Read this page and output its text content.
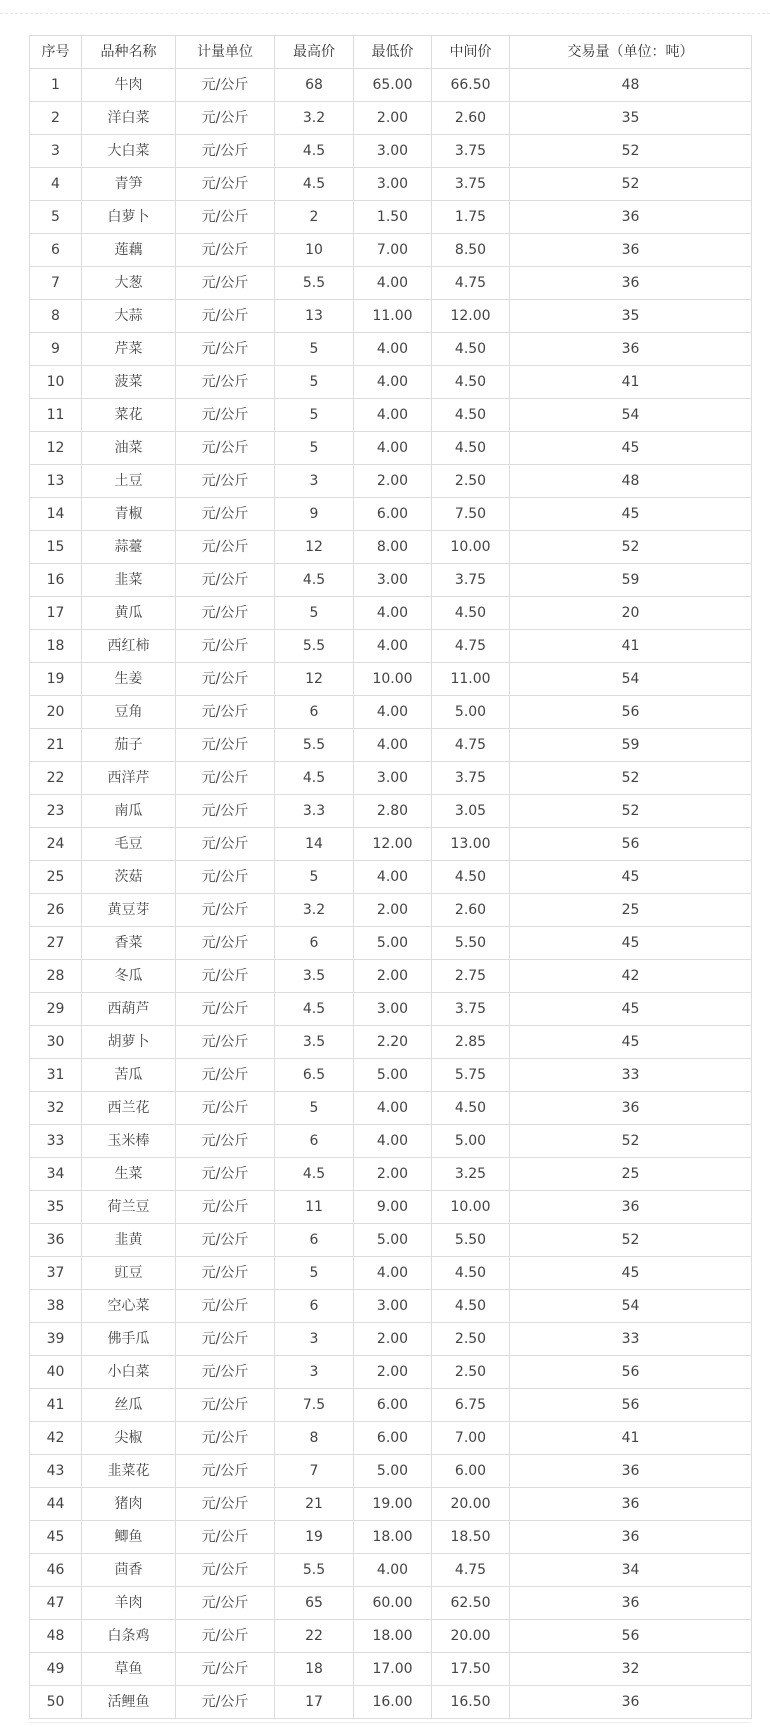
序号	品种名称	计量单位	最高价	最低价	中间价	交易量（单位：吨）
1	牛肉	元/公斤	68	65.00	66.50	48
2	洋白菜	元/公斤	3.2	2.00	2.60	35
3	大白菜	元/公斤	4.5	3.00	3.75	52
4	青笋	元/公斤	4.5	3.00	3.75	52
5	白萝卜	元/公斤	2	1.50	1.75	36
6	莲藕	元/公斤	10	7.00	8.50	36
7	大葱	元/公斤	5.5	4.00	4.75	36
8	大蒜	元/公斤	13	11.00	12.00	35
9	芹菜	元/公斤	5	4.00	4.50	36
10	菠菜	元/公斤	5	4.00	4.50	41
11	菜花	元/公斤	5	4.00	4.50	54
12	油菜	元/公斤	5	4.00	4.50	45
13	土豆	元/公斤	3	2.00	2.50	48
14	青椒	元/公斤	9	6.00	7.50	45
15	蒜薹	元/公斤	12	8.00	10.00	52
16	韭菜	元/公斤	4.5	3.00	3.75	59
17	黄瓜	元/公斤	5	4.00	4.50	20
18	西红柿	元/公斤	5.5	4.00	4.75	41
19	生姜	元/公斤	12	10.00	11.00	54
20	豆角	元/公斤	6	4.00	5.00	56
21	茄子	元/公斤	5.5	4.00	4.75	59
22	西洋芹	元/公斤	4.5	3.00	3.75	52
23	南瓜	元/公斤	3.3	2.80	3.05	52
24	毛豆	元/公斤	14	12.00	13.00	56
25	茨菇	元/公斤	5	4.00	4.50	45
26	黄豆芽	元/公斤	3.2	2.00	2.60	25
27	香菜	元/公斤	6	5.00	5.50	45
28	冬瓜	元/公斤	3.5	2.00	2.75	42
29	西葫芦	元/公斤	4.5	3.00	3.75	45
30	胡萝卜	元/公斤	3.5	2.20	2.85	45
31	苦瓜	元/公斤	6.5	5.00	5.75	33
32	西兰花	元/公斤	5	4.00	4.50	36
33	玉米棒	元/公斤	6	4.00	5.00	52
34	生菜	元/公斤	4.5	2.00	3.25	25
35	荷兰豆	元/公斤	11	9.00	10.00	36
36	韭黄	元/公斤	6	5.00	5.50	52
37	豇豆	元/公斤	5	4.00	4.50	45
38	空心菜	元/公斤	6	3.00	4.50	54
39	佛手瓜	元/公斤	3	2.00	2.50	33
40	小白菜	元/公斤	3	2.00	2.50	56
41	丝瓜	元/公斤	7.5	6.00	6.75	56
42	尖椒	元/公斤	8	6.00	7.00	41
43	韭菜花	元/公斤	7	5.00	6.00	36
44	猪肉	元/公斤	21	19.00	20.00	36
45	鲫鱼	元/公斤	19	18.00	18.50	36
46	茴香	元/公斤	5.5	4.00	4.75	34
47	羊肉	元/公斤	65	60.00	62.50	36
48	白条鸡	元/公斤	22	18.00	20.00	56
49	草鱼	元/公斤	18	17.00	17.50	32
50	活鲤鱼	元/公斤	17	16.00	16.50	36
